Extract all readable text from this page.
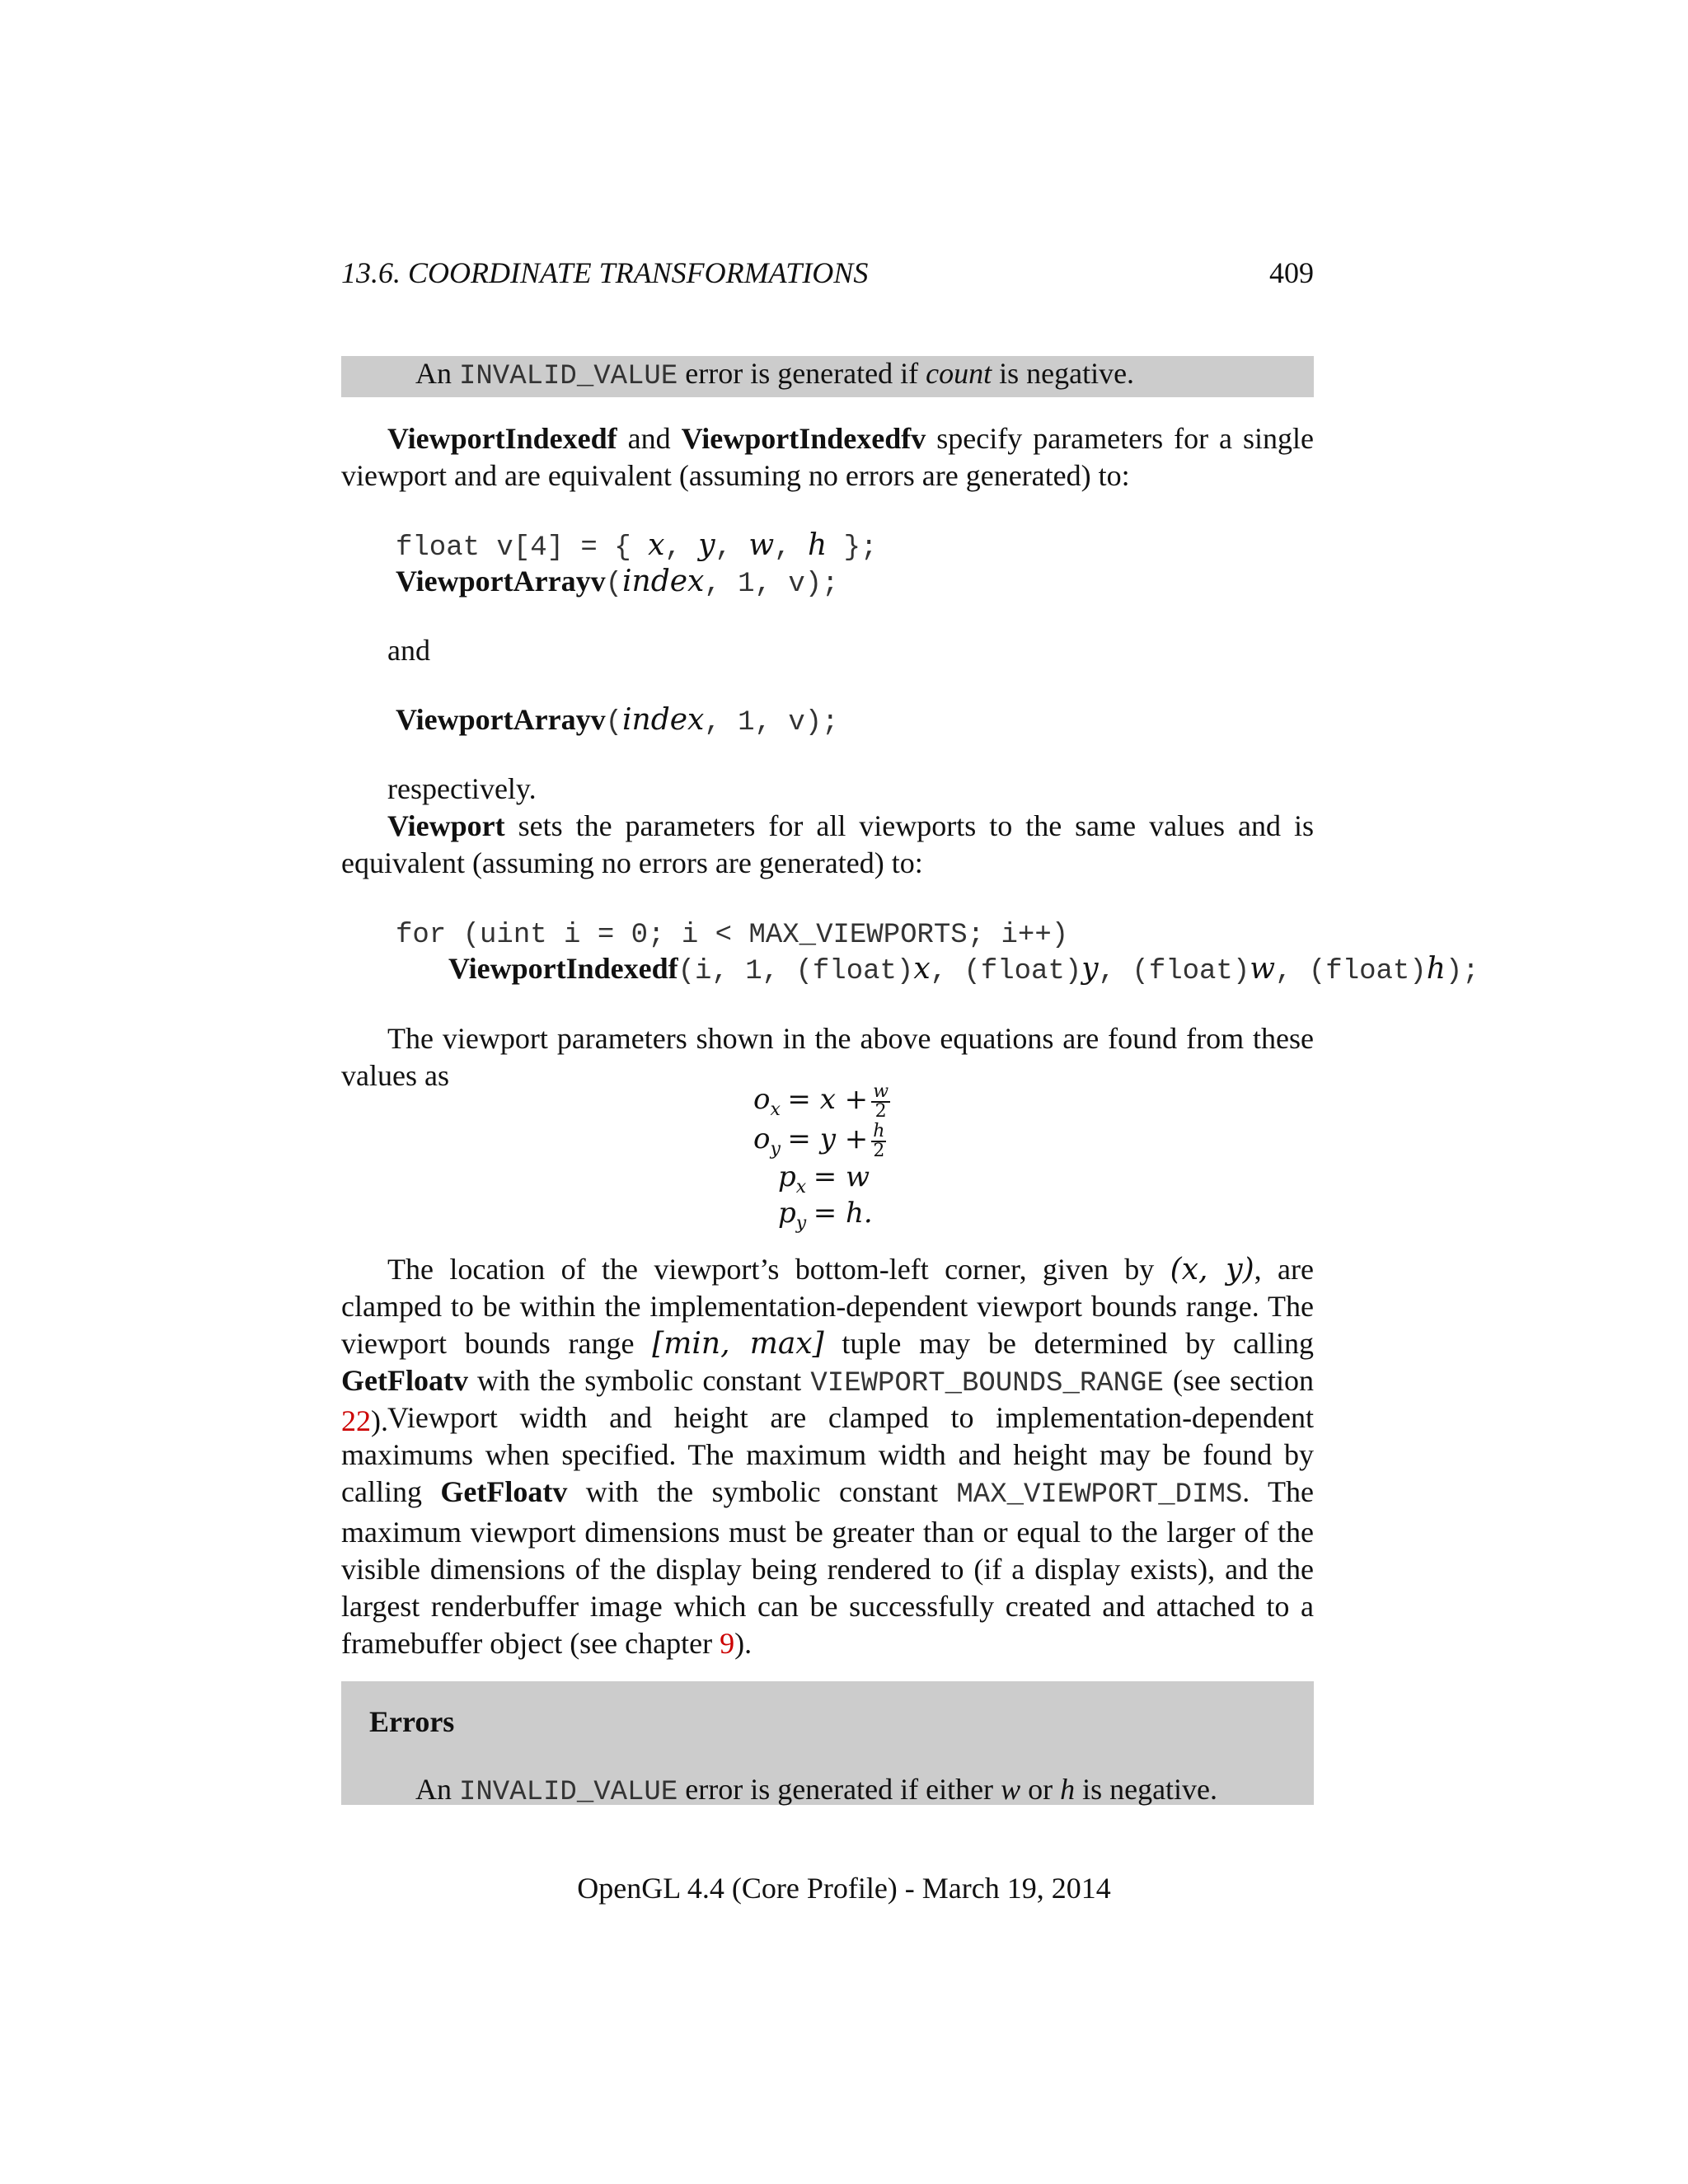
13.6. COORDINATE TRANSFORMATIONS	409
An INVALID_VALUE error is generated if count is negative.
ViewportIndexedf and ViewportIndexedfv specify parameters for a single viewport and are equivalent (assuming no errors are generated) to:
float v[4] = { x, y, w, h };
ViewportArrayv(index, 1, v);
and
ViewportArrayv(index, 1, v);
respectively.
Viewport sets the parameters for all viewports to the same values and is equivalent (assuming no errors are generated) to:
for (uint i = 0; i < MAX_VIEWPORTS; i++)
ViewportIndexedf(i, 1, (float)x, (float)y, (float)w, (float)h);
The viewport parameters shown in the above equations are found from these values as
$o_x = x + \frac{w}{2}$
$o_y = y + \frac{h}{2}$
$p_x = w$
$p_y = h$.
The location of the viewport’s bottom-left corner, given by (x, y), are clamped to be within the implementation-dependent viewport bounds range. The viewport bounds range [min, max] tuple may be determined by calling GetFloatv with the symbolic constant VIEWPORT_BOUNDS_RANGE (see section 22). Viewport width and height are clamped to implementation-dependent maximums when specified. The maximum width and height may be found by calling GetFloatv with the symbolic constant MAX_VIEWPORT_DIMS. The maximum viewport dimensions must be greater than or equal to the larger of the visible dimensions of the display being rendered to (if a display exists), and the largest renderbuffer image which can be successfully created and attached to a framebuffer object (see chapter 9).
Errors
An INVALID_VALUE error is generated if either w or h is negative.
OpenGL 4.4 (Core Profile) - March 19, 2014
